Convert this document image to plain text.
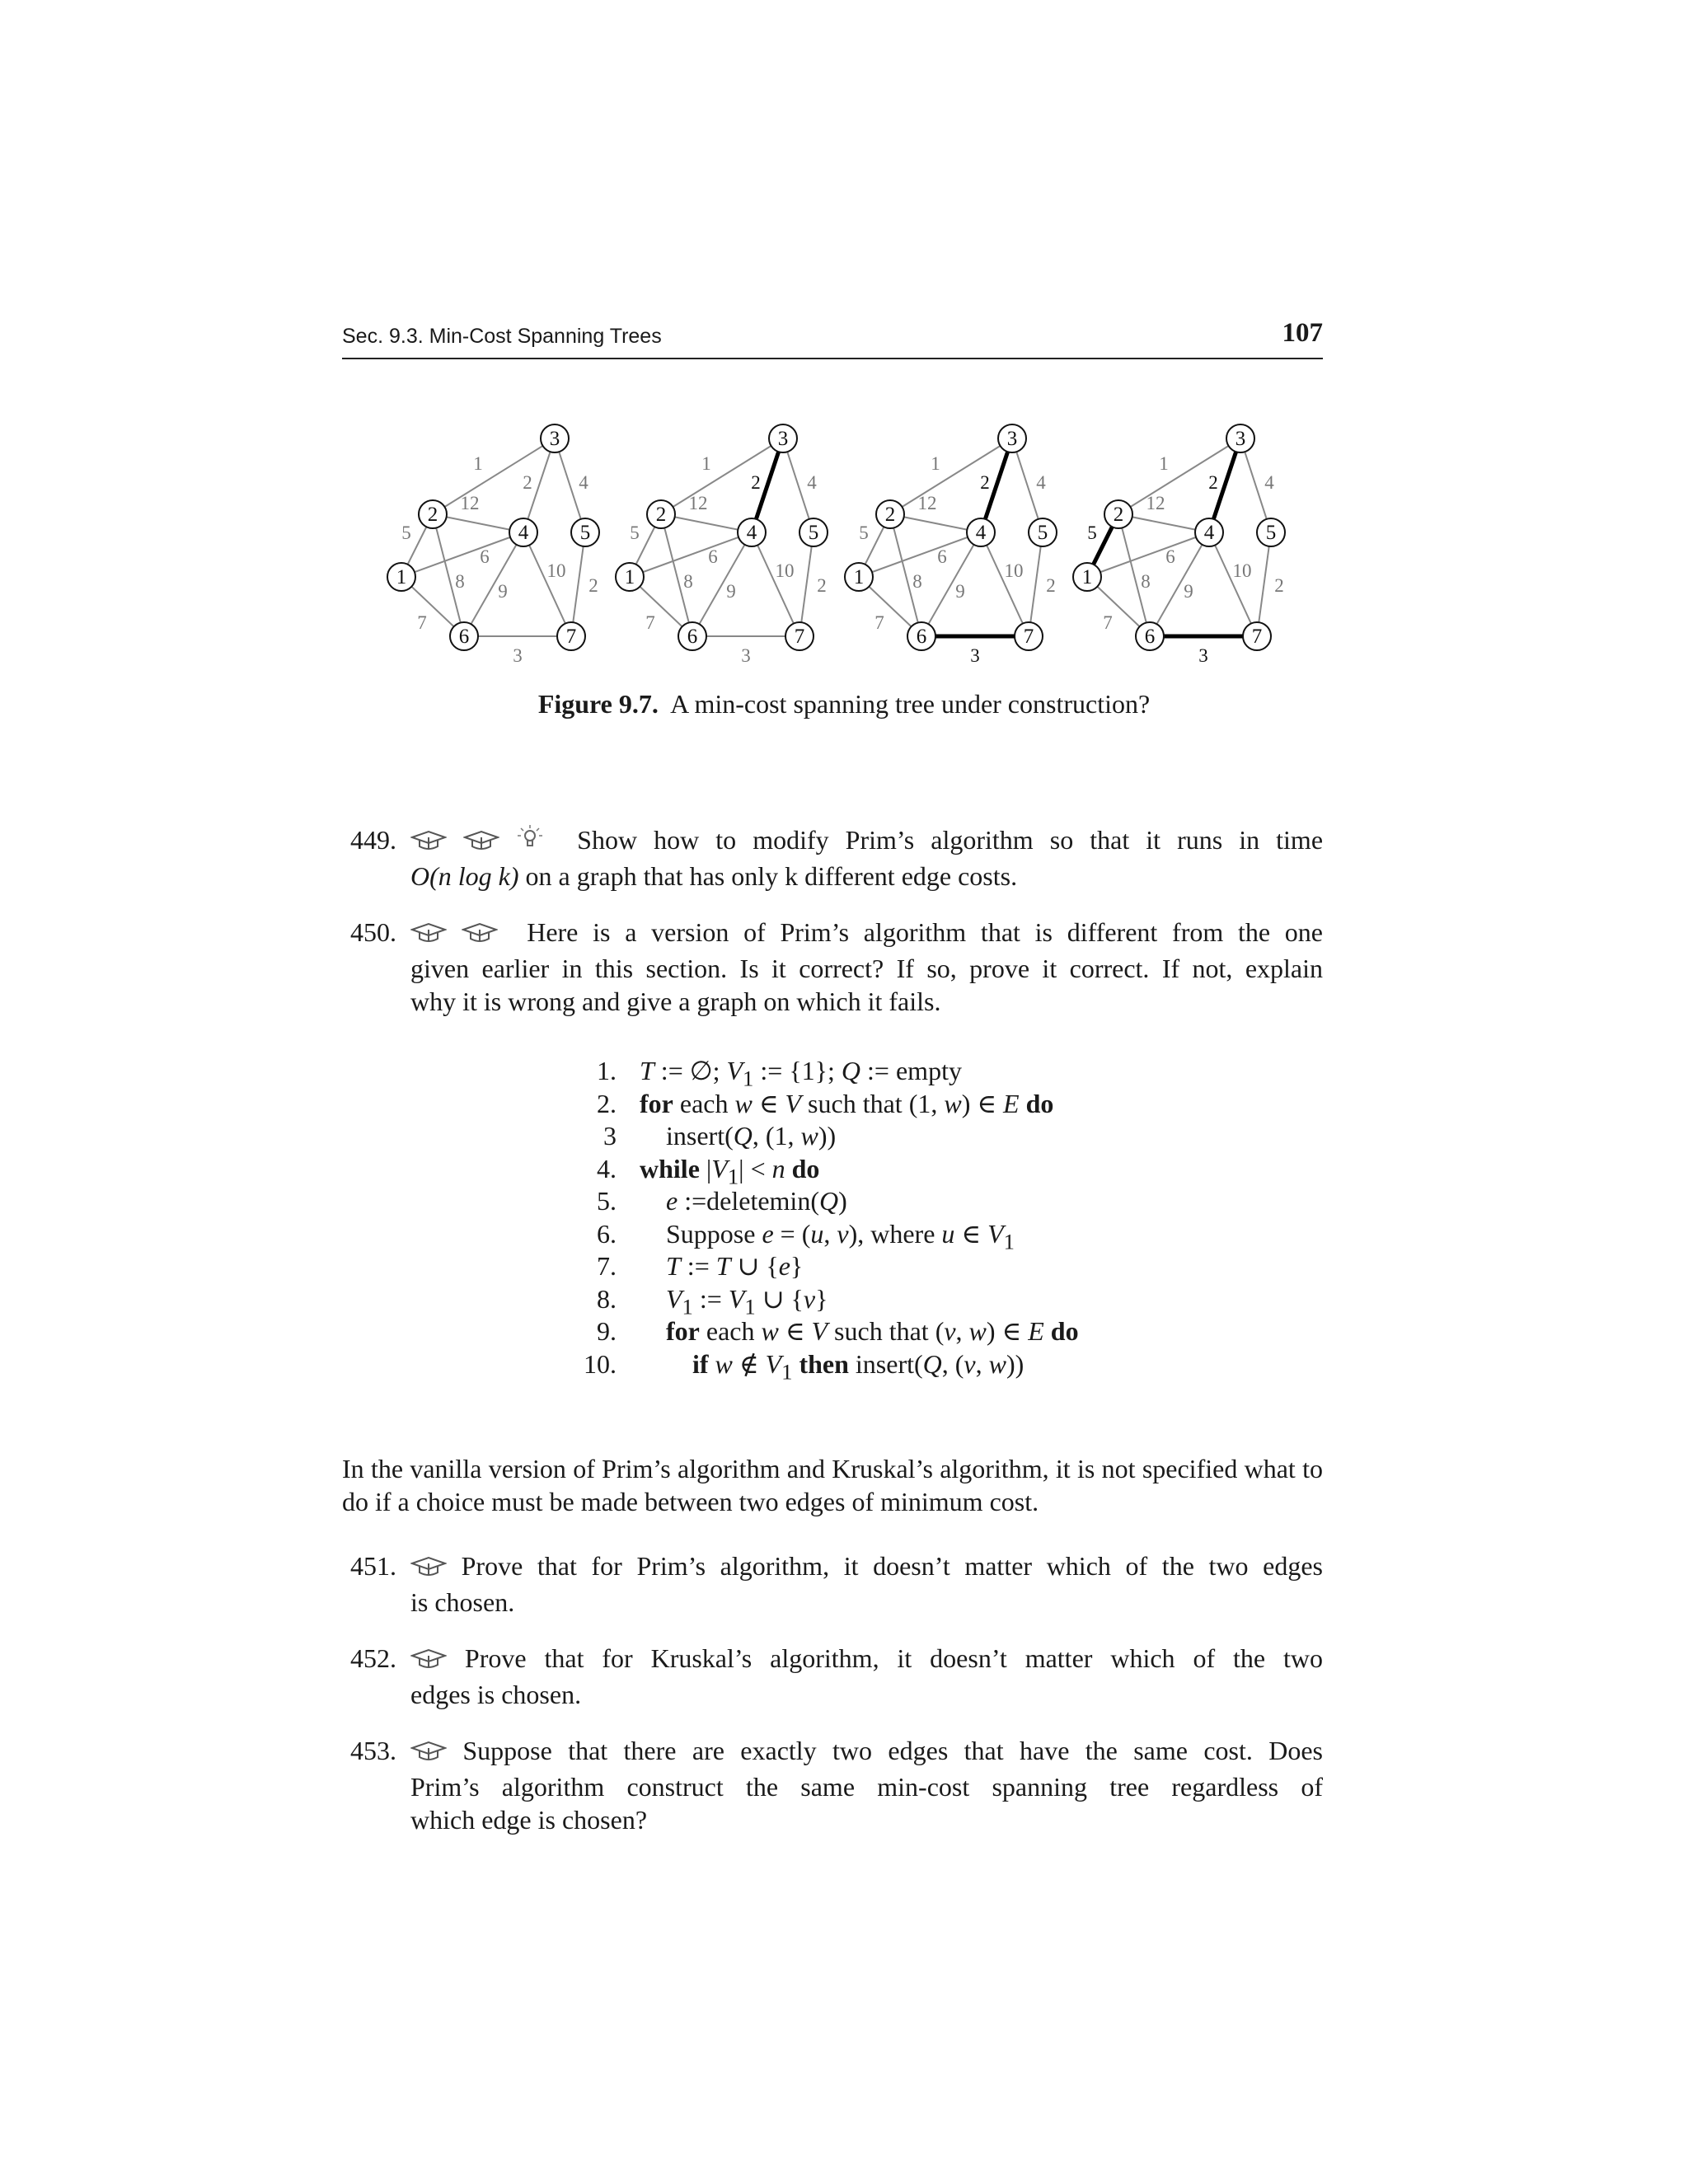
Sec. 9.3. Min-Cost Spanning Trees	107
1
2
12
4
5
6
10
8 9	2
7
3
1
2
3
4	5
6	7
1
2
12
4
5
6
10
8 9	2
7
3
1
2
3
4	5
6	7
1
2
12
4
5
6
10
8 9	2
7
3
1
2
3
4	5
6	7
1
2
12
4
5
6
10
8 9	2
7
3
1
2
3
4	5
6	7
Figure 9.7. A min-cost spanning tree under construction?
449.	Show how to modify Prim’s algorithm so that it runs in time
O(n log k) on a graph that has only k different edge costs.
450.	Here is a version of Prim’s algorithm that is different from the one
given earlier in this section. Is it correct? If so, prove it correct. If not, explain
why it is wrong and give a graph on which it fails.
1. T := ∅; $V_1$ := {1}; Q := empty
2. for each w ∈ V such that (1, w) ∈ E do
3	insert(Q, (1, w))
4. while $|V_1| < n$ do
5.	e :=deletemin(Q)
6.	Suppose e = (u, v), where u ∈ $V_1$
7.	T := T ∪ {e}
8.	$V_1$ := $V_1$ ∪ {v}
9.	for each w ∈ V such that (v, w) ∈ E do
10.	if w ∉ $V_1$ then insert(Q, (v, w))
In the vanilla version of Prim’s algorithm and Kruskal’s algorithm, it is not specified what to do if a choice must be made between two edges of minimum cost.
451.	Prove that for Prim’s algorithm, it doesn’t matter which of the two edges
is chosen.
452.	Prove that for Kruskal’s algorithm, it doesn’t matter which of the two
edges is chosen.
453.	Suppose that there are exactly two edges that have the same cost. Does
Prim’s algorithm construct the same min-cost spanning tree regardless of
which edge is chosen?
